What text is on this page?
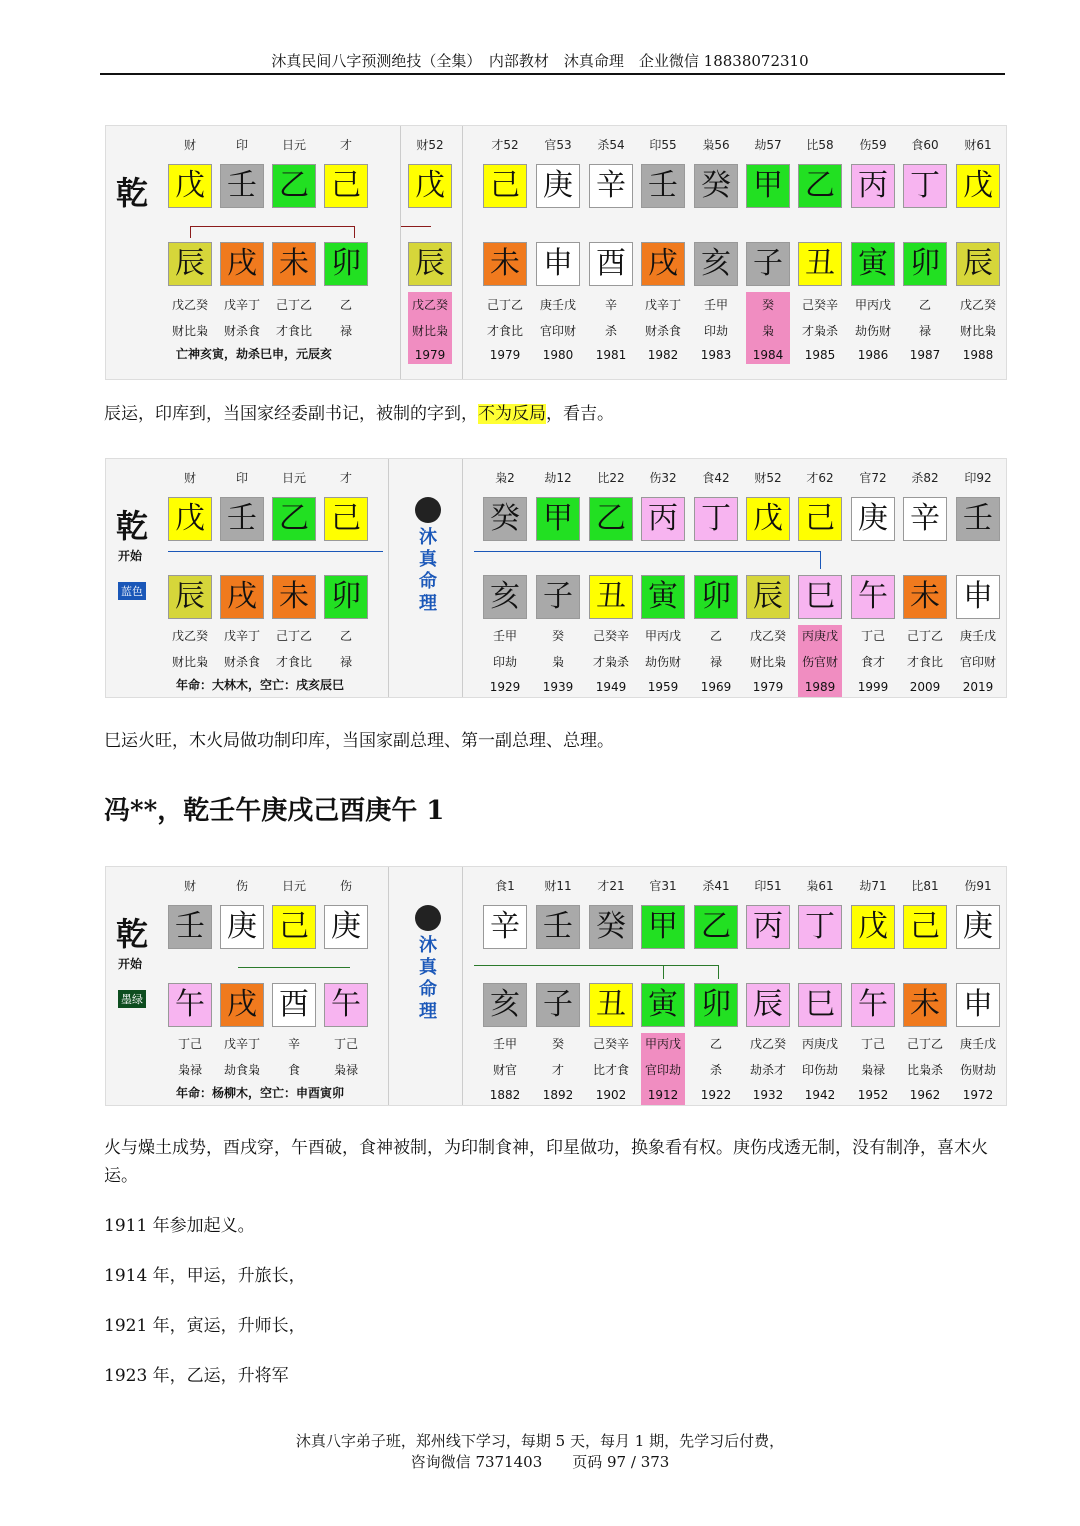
沐真民间八字预测绝技（全集）　内部教材　沐真命理　企业微信 18838072310
乾
财
戊
辰
戊乙癸
财比枭
印
壬
戌
戊辛丁
财杀食
日元
乙
未
己丁乙
才食比
才
己
卯
乙
禄
亡神亥寅，劫杀巳申，元辰亥
财52
戊
辰
戊乙癸
财比枭
1979
才52
己
未
己丁乙
才食比
1979
官53
庚
申
庚壬戊
官印财
1980
杀54
辛
酉
辛
杀
1981
印55
壬
戌
戊辛丁
财杀食
1982
枭56
癸
亥
壬甲
印劫
1983
劫57
甲
子
癸
枭
1984
比58
乙
丑
己癸辛
才枭杀
1985
伤59
丙
寅
甲丙戊
劫伤财
1986
食60
丁
卯
乙
禄
1987
财61
戊
辰
戊乙癸
财比枭
1988
辰运，印库到，当国家经委副书记，被制的字到，不为反局，看吉。
乾
开始
蓝色
沐真命理
财
戊
辰
戊乙癸
财比枭
印
壬
戌
戊辛丁
财杀食
日元
乙
未
己丁乙
才食比
才
己
卯
乙
禄
年命：大林木，空亡：戌亥辰巳
枭2
癸
亥
壬甲
印劫
1929
劫12
甲
子
癸
枭
1939
比22
乙
丑
己癸辛
才枭杀
1949
伤32
丙
寅
甲丙戊
劫伤财
1959
食42
丁
卯
乙
禄
1969
财52
戊
辰
戊乙癸
财比枭
1979
才62
己
巳
丙庚戊
伤官财
1989
官72
庚
午
丁己
食才
1999
杀82
辛
未
己丁乙
才食比
2009
印92
壬
申
庚壬戊
官印财
2019
巳运火旺，木火局做功制印库，当国家副总理、第一副总理、总理。
冯**，乾壬午庚戌己酉庚午 1
乾
开始
墨绿
沐真命理
财
壬
午
丁己
枭禄
伤
庚
戌
戊辛丁
劫食枭
日元
己
酉
辛
食
伤
庚
午
丁己
枭禄
年命：杨柳木，空亡：申酉寅卯
食1
辛
亥
壬甲
财官
1882
财11
壬
子
癸
才
1892
才21
癸
丑
己癸辛
比才食
1902
官31
甲
寅
甲丙戊
官印劫
1912
杀41
乙
卯
乙
杀
1922
印51
丙
辰
戊乙癸
劫杀才
1932
枭61
丁
巳
丙庚戊
印伤劫
1942
劫71
戊
午
丁己
枭禄
1952
比81
己
未
己丁乙
比枭杀
1962
伤91
庚
申
庚壬戊
伤财劫
1972
火与燥土成势，酉戌穿，午酉破，食神被制，为印制食神，印星做功，换象看有权。庚伤戌透无制，没有制净，喜木火运。
1911 年参加起义。
1914 年，甲运，升旅长，
1921 年，寅运，升师长，
1923 年，乙运，升将军
沐真八字弟子班，郑州线下学习，每期 5 天，每月 1 期，先学习后付费，
咨询微信 7371403　　页码 97 / 373
